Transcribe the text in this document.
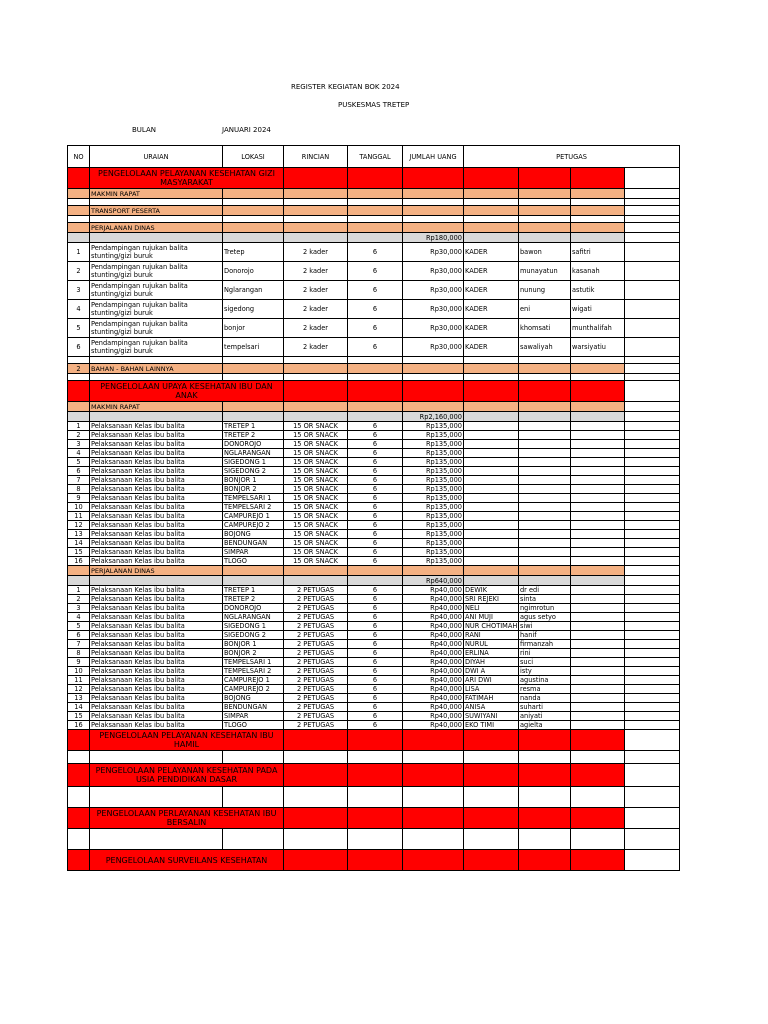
REGISTER KEGIATAN BOK 2024
PUSKESMAS TRETEP
BULAN	JANUARI 2024
NO	URAIAN	LOKASI	RINCIAN	TANGGAL	JUMLAH UANG	PETUGAS			
	PENGELOLAAN PELAYANAN KESEHATAN GIZI MASYARAKAT								
	MAKMIN RAPAT								

	TRANSPORT PESERTA								

	PERJALANAN DINAS								
					Rp180,000				
1	Pendampingan rujukan balita stunting/gizi buruk	Tretep	2 kader	6	Rp30,000	KADER	bawon	safitri	
2	Pendampingan rujukan balita stunting/gizi buruk	Donorojo	2 kader	6	Rp30,000	KADER	munayatun	kasanah	
3	Pendampingan rujukan balita stunting/gizi buruk	Nglarangan	2 kader	6	Rp30,000	KADER	nunung	astutik	
4	Pendampingan rujukan balita stunting/gizi buruk	sigedong	2 kader	6	Rp30,000	KADER	eni	wigati	
5	Pendampingan rujukan balita stunting/gizi buruk	bonjor	2 kader	6	Rp30,000	KADER	khomsati	munthalifah	
6	Pendampingan rujukan balita stunting/gizi buruk	tempelsari	2 kader	6	Rp30,000	KADER	sawaliyah	warsiyatiu	

2	BAHAN - BAHAN LAINNYA								

	PENGELOLAAN UPAYA KESEHATAN IBU DAN ANAK								
	MAKMIN RAPAT								
					Rp2,160,000				
1	Pelaksanaan Kelas ibu balita	TRETEP 1	15 OR SNACK	6	Rp135,000				
2	Pelaksanaan Kelas ibu balita	TRETEP 2	15 OR SNACK	6	Rp135,000				
3	Pelaksanaan Kelas ibu balita	DONOROJO	15 OR SNACK	6	Rp135,000				
4	Pelaksanaan Kelas ibu balita	NGLARANGAN	15 OR SNACK	6	Rp135,000				
5	Pelaksanaan Kelas ibu balita	SIGEDONG 1	15 OR SNACK	6	Rp135,000				
6	Pelaksanaan Kelas ibu balita	SIGEDONG 2	15 OR SNACK	6	Rp135,000				
7	Pelaksanaan Kelas ibu balita	BONJOR 1	15 OR SNACK	6	Rp135,000				
8	Pelaksanaan Kelas ibu balita	BONJOR 2	15 OR SNACK	6	Rp135,000				
9	Pelaksanaan Kelas ibu balita	TEMPELSARI 1	15 OR SNACK	6	Rp135,000				
10	Pelaksanaan Kelas ibu balita	TEMPELSARI 2	15 OR SNACK	6	Rp135,000				
11	Pelaksanaan Kelas ibu balita	CAMPUREJO 1	15 OR SNACK	6	Rp135,000				
12	Pelaksanaan Kelas ibu balita	CAMPUREJO 2	15 OR SNACK	6	Rp135,000				
13	Pelaksanaan Kelas ibu balita	BOJONG	15 OR SNACK	6	Rp135,000				
14	Pelaksanaan Kelas ibu balita	BENDUNGAN	15 OR SNACK	6	Rp135,000				
15	Pelaksanaan Kelas ibu balita	SIMPAR	15 OR SNACK	6	Rp135,000				
16	Pelaksanaan Kelas ibu balita	TLOGO	15 OR SNACK	6	Rp135,000				
	PERJALANAN DINAS								
					Rp640,000				
1	Pelaksanaan Kelas ibu balita	TRETEP 1	2 PETUGAS	6	Rp40,000	DEWIK	dr edi		
2	Pelaksanaan Kelas ibu balita	TRETEP 2	2 PETUGAS	6	Rp40,000	SRI REJEKI	sinta		
3	Pelaksanaan Kelas ibu balita	DONOROJO	2 PETUGAS	6	Rp40,000	NELI	ngimrotun		
4	Pelaksanaan Kelas ibu balita	NGLARANGAN	2 PETUGAS	6	Rp40,000	ANI MUJI	agus setyo		
5	Pelaksanaan Kelas ibu balita	SIGEDONG 1	2 PETUGAS	6	Rp40,000	NUR CHOTIMAH	siwi		
6	Pelaksanaan Kelas ibu balita	SIGEDONG 2	2 PETUGAS	6	Rp40,000	RANI	hanif		
7	Pelaksanaan Kelas ibu balita	BONJOR 1	2 PETUGAS	6	Rp40,000	NURUL	firmanzah		
8	Pelaksanaan Kelas ibu balita	BONJOR 2	2 PETUGAS	6	Rp40,000	ERLINA	rini		
9	Pelaksanaan Kelas ibu balita	TEMPELSARI 1	2 PETUGAS	6	Rp40,000	DIYAH	suci		
10	Pelaksanaan Kelas ibu balita	TEMPELSARI 2	2 PETUGAS	6	Rp40,000	DWI A	isty		
11	Pelaksanaan Kelas ibu balita	CAMPUREJO 1	2 PETUGAS	6	Rp40,000	ARI DWI	agustina		
12	Pelaksanaan Kelas ibu balita	CAMPUREJO 2	2 PETUGAS	6	Rp40,000	LISA	resma		
13	Pelaksanaan Kelas ibu balita	BOJONG	2 PETUGAS	6	Rp40,000	FATIMAH	nanda		
14	Pelaksanaan Kelas ibu balita	BENDUNGAN	2 PETUGAS	6	Rp40,000	ANISA	suharti		
15	Pelaksanaan Kelas ibu balita	SIMPAR	2 PETUGAS	6	Rp40,000	SUWIYANI	aniyati		
16	Pelaksanaan Kelas ibu balita	TLOGO	2 PETUGAS	6	Rp40,000	EKO TIMI	agielta		
	PENGELOLAAN PELAYANAN KESEHATAN IBU HAMIL								

	PENGELOLAAN PELAYANAN KESEHATAN PADA USIA PENDIDIKAN DASAR								

	PENGELOLAAN PERLAYANAN KESEHATAN IBU BERSALIN								

	PENGELOLAAN SURVEILANS KESEHATAN								
